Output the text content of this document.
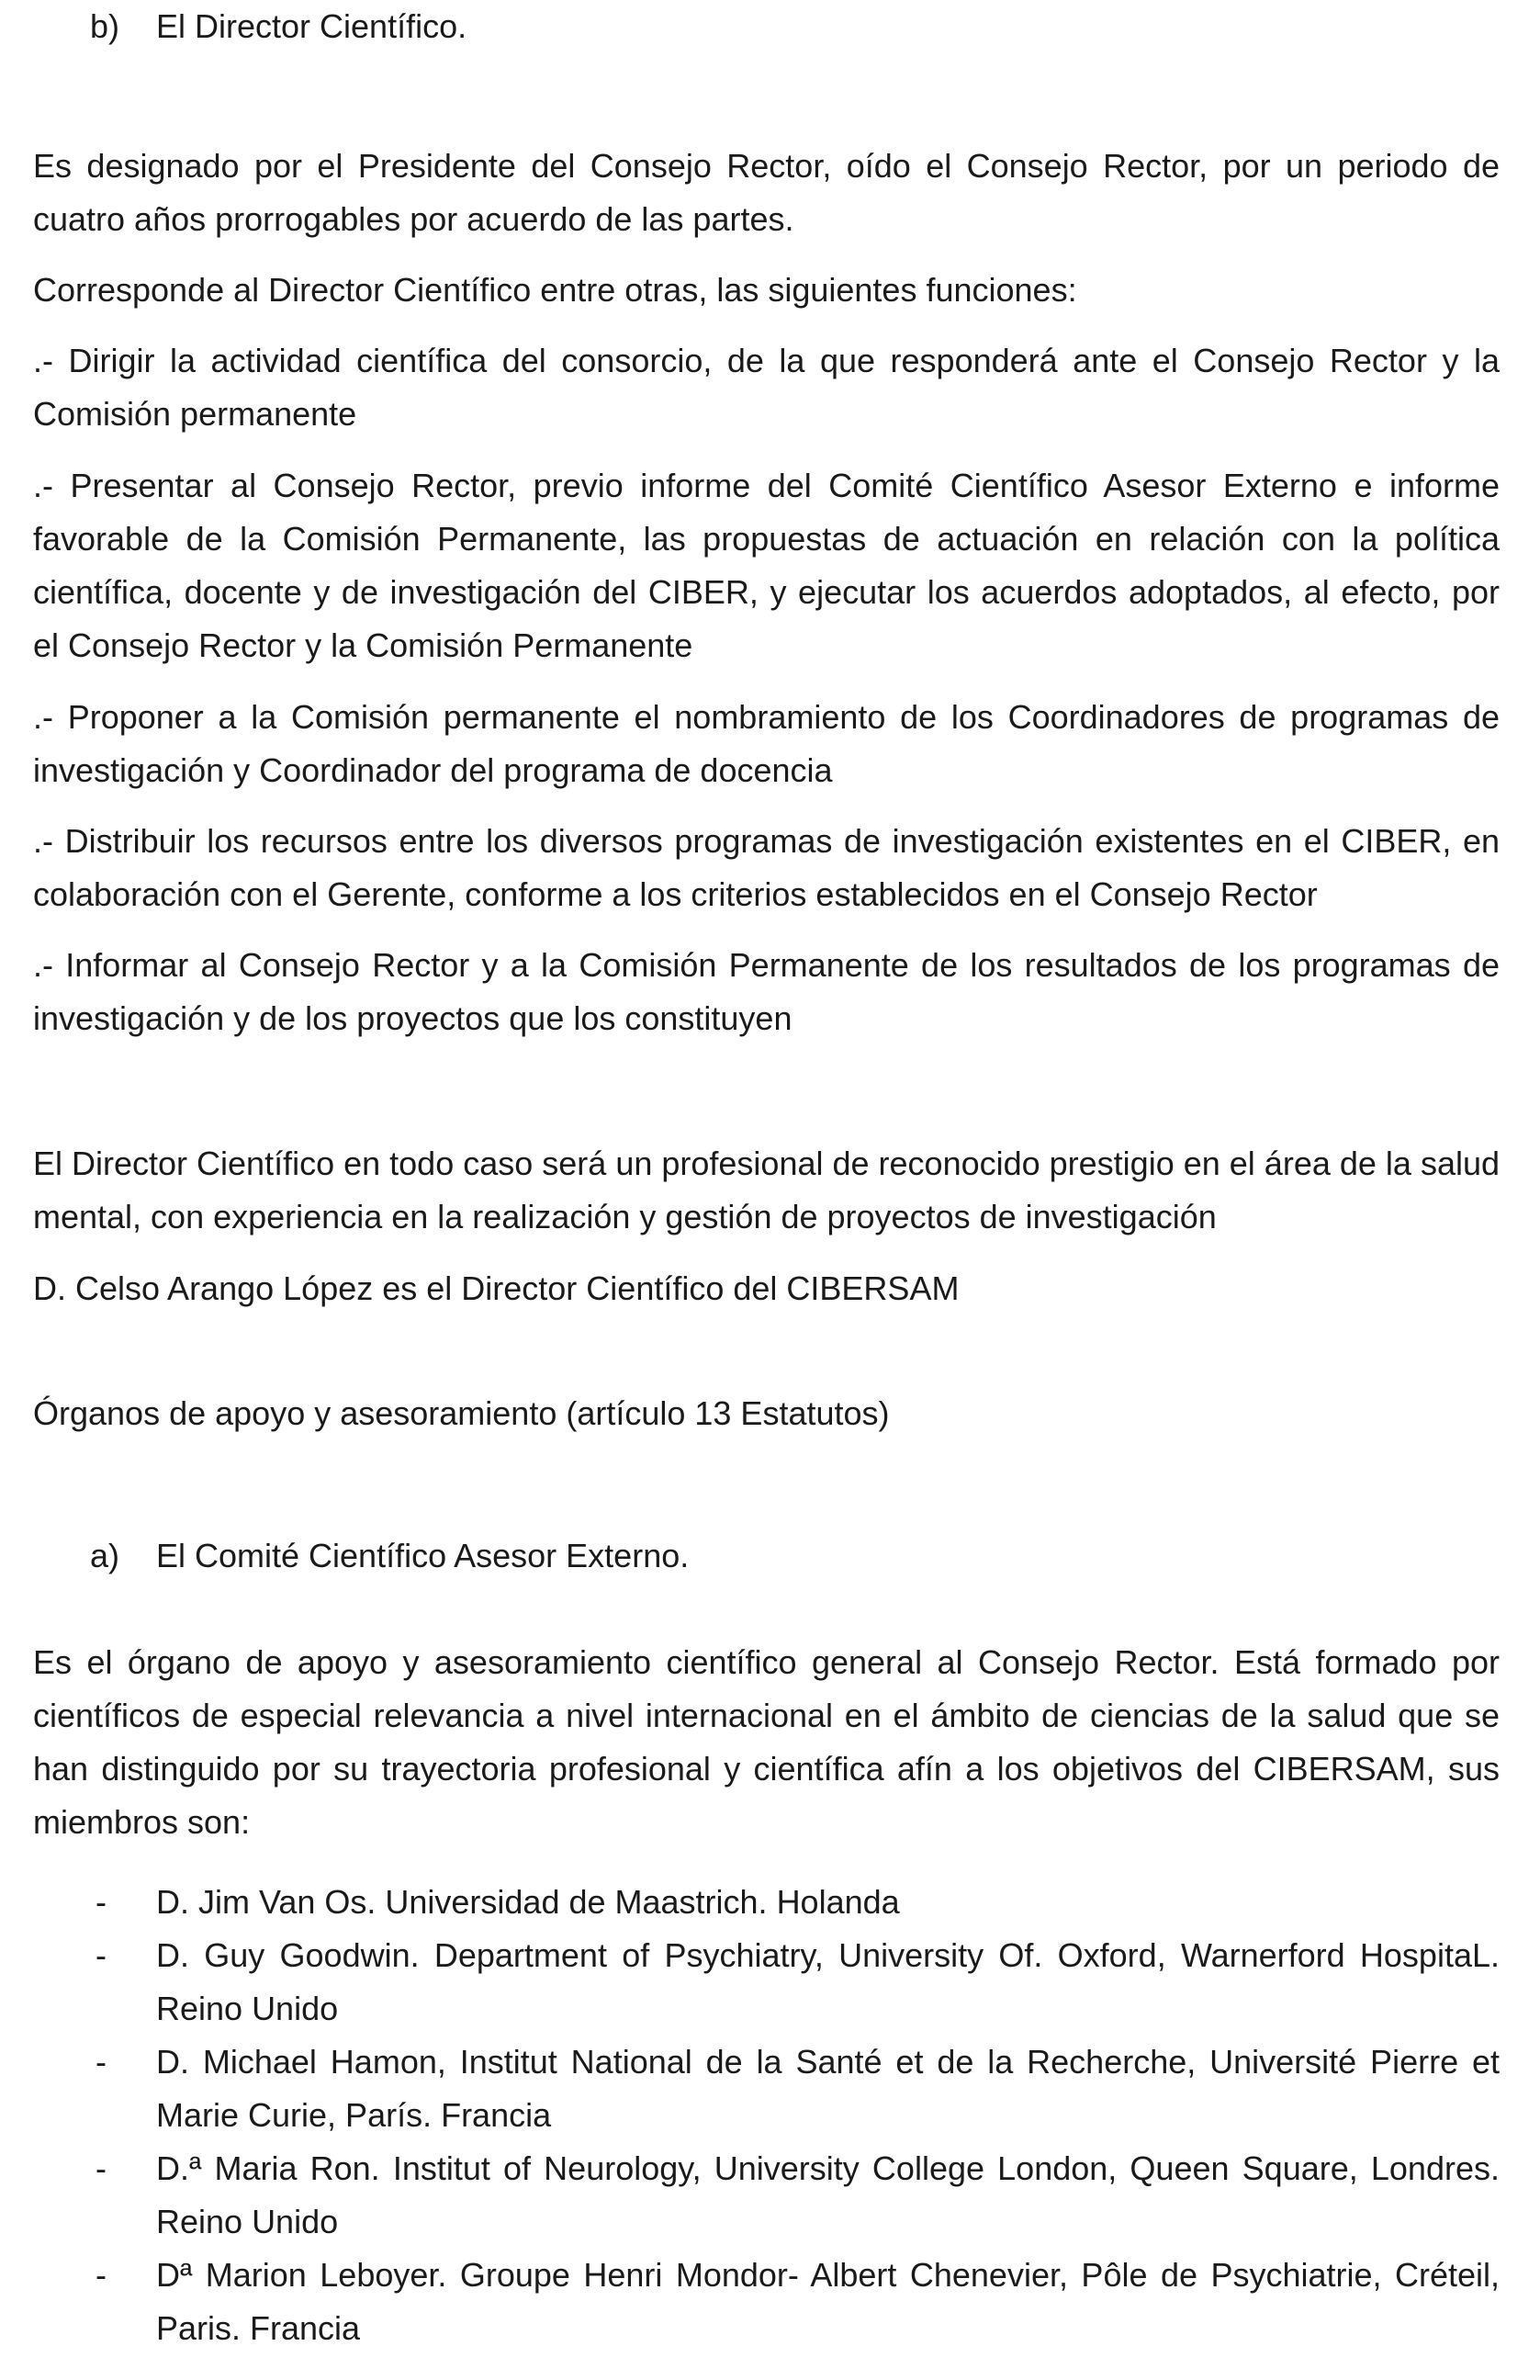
b) El Director Científico.

Es designado por el Presidente del Consejo Rector, oído el Consejo Rector, por un periodo de cuatro años prorrogables por acuerdo de las partes.

Corresponde al Director Científico entre otras, las siguientes funciones:

.- Dirigir la actividad científica del consorcio, de la que responderá ante el Consejo Rector y la Comisión permanente

.- Presentar al Consejo Rector, previo informe del Comité Científico Asesor Externo e informe favorable de la Comisión Permanente, las propuestas de actuación en relación con la política científica, docente y de investigación del CIBER, y ejecutar los acuerdos adoptados, al efecto, por el Consejo Rector y la Comisión Permanente

.- Proponer a la Comisión permanente el nombramiento de los Coordinadores de programas de investigación y Coordinador del programa de docencia

.- Distribuir los recursos entre los diversos programas de investigación existentes en el CIBER, en colaboración con el Gerente, conforme a los criterios establecidos en el Consejo Rector

.- Informar al Consejo Rector y a la Comisión Permanente de los resultados de los programas de investigación y de los proyectos que los constituyen

El Director Científico en todo caso será un profesional de reconocido prestigio en el área de la salud mental, con experiencia en la realización y gestión de proyectos de investigación

D. Celso Arango López es el Director Científico del CIBERSAM

Órganos de apoyo y asesoramiento (artículo 13 Estatutos)

a) El Comité Científico Asesor Externo.

Es el órgano de apoyo y asesoramiento científico general al Consejo Rector. Está formado por científicos de especial relevancia a nivel internacional en el ámbito de ciencias de la salud que se han distinguido por su trayectoria profesional y científica afín a los objetivos del CIBERSAM, sus miembros son:

- D. Jim Van Os. Universidad de Maastrich. Holanda
- D. Guy Goodwin. Department of Psychiatry, University Of. Oxford, Warnerford HospitaL. Reino Unido
- D. Michael Hamon, Institut National de la Santé et de la Recherche, Université Pierre et Marie Curie, París. Francia
- D.ª Maria Ron. Institut of Neurology, University College London, Queen Square, Londres. Reino Unido
- Dª Marion Leboyer. Groupe Henri Mondor- Albert Chenevier, Pôle de Psychiatrie, Créteil, Paris. Francia
